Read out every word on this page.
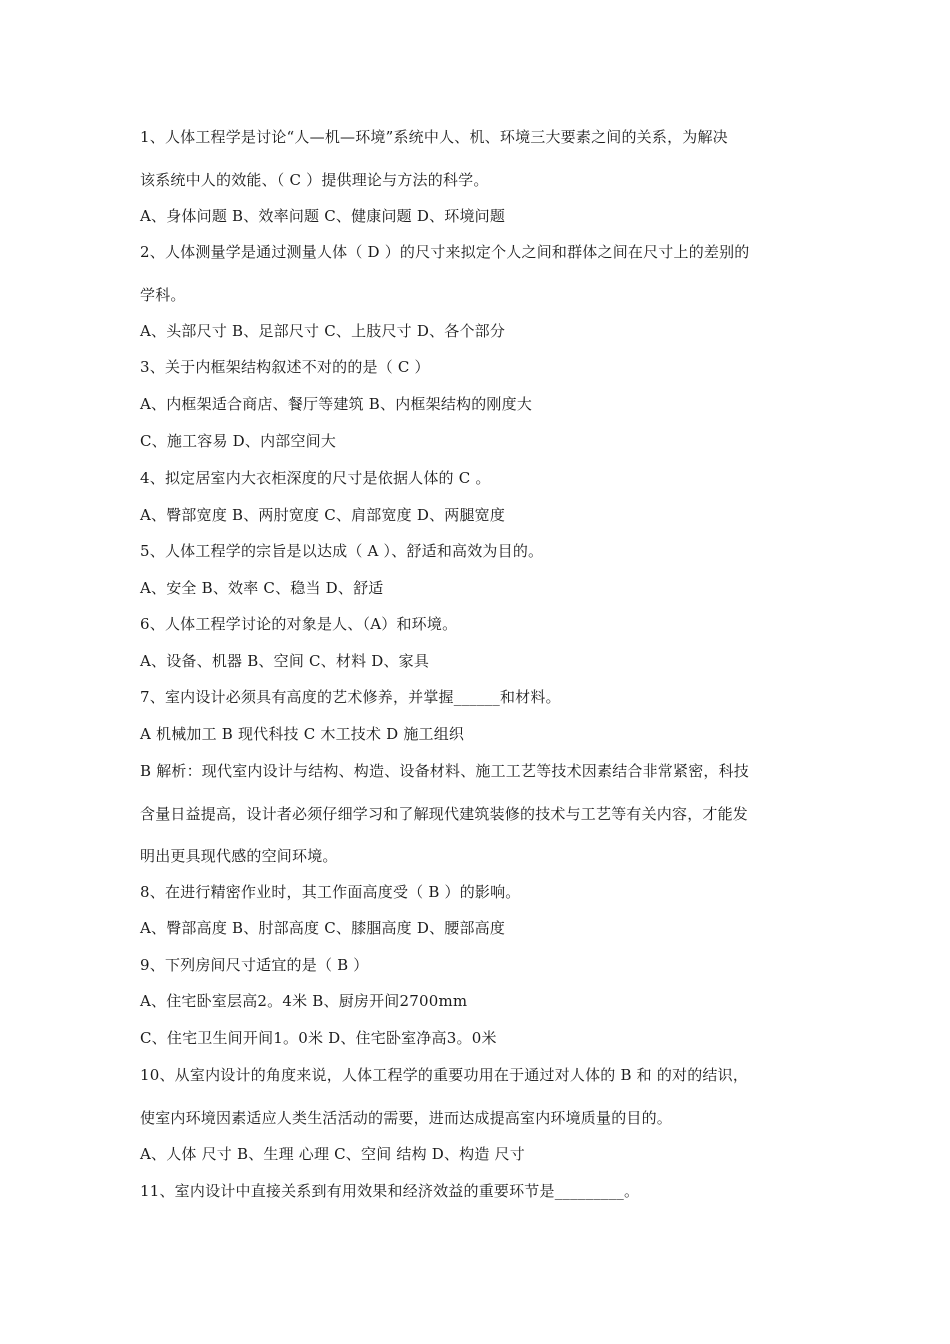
1、人体工程学是讨论“人—机—环境”系统中人、机、环境三大要素之间的关系，为解决
该系统中人的效能、（ C ）提供理论与方法的科学。
A、身体问题 B、效率问题 C、健康问题 D、环境问题
2、人体测量学是通过测量人体（ D ）的尺寸来拟定个人之间和群体之间在尺寸上的差别的
学科。
A、头部尺寸 B、足部尺寸 C、上肢尺寸 D、各个部分
3、关于内框架结构叙述不对的的是（ C ）
A、内框架适合商店、餐厅等建筑 B、内框架结构的刚度大
C、施工容易 D、内部空间大
4、拟定居室内大衣柜深度的尺寸是依据人体的 C 。
A、臀部宽度 B、两肘宽度 C、肩部宽度 D、两腿宽度
5、人体工程学的宗旨是以达成（ A ）、舒适和高效为目的。
A、安全 B、效率 C、稳当 D、舒适
6、人体工程学讨论的对象是人、（A）和环境。
A、设备、机器 B、空间 C、材料 D、家具
7、室内设计必须具有高度的艺术修养，并掌握______和材料。
A 机械加工 B 现代科技 C 木工技术 D 施工组织
B 解析：现代室内设计与结构、构造、设备材料、施工工艺等技术因素结合非常紧密，科技
含量日益提高，设计者必须仔细学习和了解现代建筑装修的技术与工艺等有关内容，才能发
明出更具现代感的空间环境。
8、在进行精密作业时，其工作面高度受（ B ）的影响。
A、臀部高度 B、肘部高度 C、膝腘高度 D、腰部高度
9、下列房间尺寸适宜的是（ B ）
A、住宅卧室层高2。4米 B、厨房开间2700mm
C、住宅卫生间开间1。0米 D、住宅卧室净高3。0米
10、从室内设计的角度来说，人体工程学的重要功用在于通过对人体的 B 和 的对的结识，
使室内环境因素适应人类生活活动的需要，进而达成提高室内环境质量的目的。
A、人体 尺寸 B、生理 心理 C、空间 结构 D、构造 尺寸
11、室内设计中直接关系到有用效果和经济效益的重要环节是_________。
